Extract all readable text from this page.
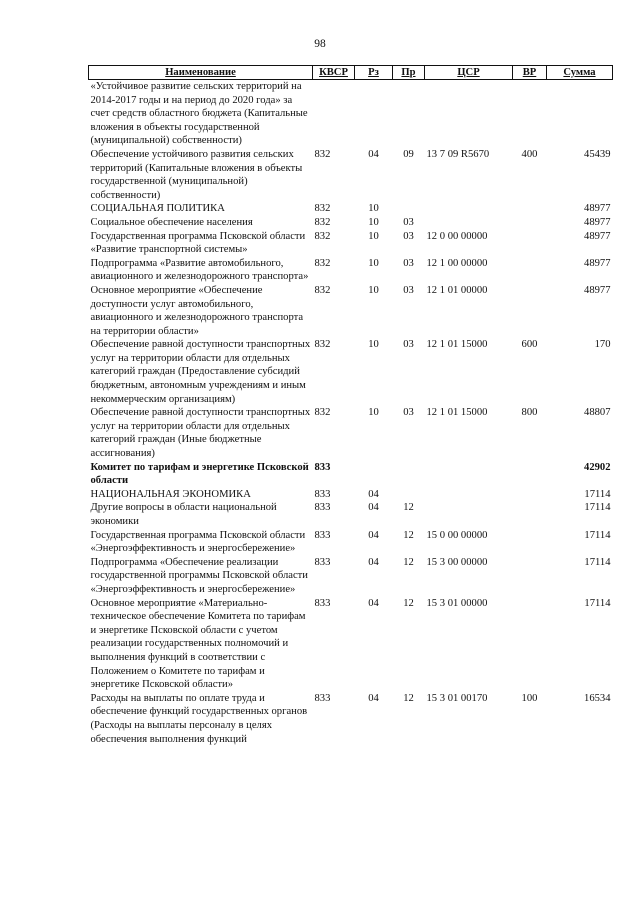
98
Наименование	КВСР	Рз	Пр	ЦСР	ВР	Сумма
«Устойчивое развитие сельских территорий на 2014-2017 годы и на период до 2020 года» за счет средств областного бюджета (Капитальные вложения в объекты государственной (муниципальной) собственности)						
Обеспечение устойчивого развития сельских территорий (Капитальные вложения в объекты государственной (муниципальной) собственности)	832	04	09	13 7 09 R5670	400	45439
СОЦИАЛЬНАЯ ПОЛИТИКА	832	10				48977
Социальное обеспечение населения	832	10	03			48977
Государственная программа Псковской области «Развитие транспортной системы»	832	10	03	12 0 00 00000		48977
Подпрограмма «Развитие автомобильного, авиационного и железнодорожного транспорта»	832	10	03	12 1 00 00000		48977
Основное мероприятие «Обеспечение доступности услуг автомобильного, авиационного и железнодорожного транспорта на территории области»	832	10	03	12 1 01 00000		48977
Обеспечение равной доступности транспортных услуг на территории области для отдельных категорий граждан (Предоставление субсидий бюджетным, автономным учреждениям и иным некоммерческим организациям)	832	10	03	12 1 01 15000	600	170
Обеспечение равной доступности транспортных услуг на территории области для отдельных категорий граждан (Иные бюджетные ассигнования)	832	10	03	12 1 01 15000	800	48807
Комитет по тарифам и энергетике Псковской области	833					42902
НАЦИОНАЛЬНАЯ ЭКОНОМИКА	833	04				17114
Другие вопросы в области национальной экономики	833	04	12			17114
Государственная программа Псковской области «Энергоэффективность и энергосбережение»	833	04	12	15 0 00 00000		17114
Подпрограмма «Обеспечение реализации государственной программы Псковской области «Энергоэффективность и энергосбережение»	833	04	12	15 3 00 00000		17114
Основное мероприятие «Материально-техническое обеспечение Комитета по тарифам и энергетике Псковской области с учетом реализации государственных полномочий и выполнения функций в соответствии с Положением о Комитете по тарифам и энергетике Псковской области»	833	04	12	15 3 01 00000		17114
Расходы на выплаты по оплате труда и обеспечение функций государственных органов (Расходы на выплаты персоналу в целях обеспечения выполнения функций	833	04	12	15 3 01 00170	100	16534
